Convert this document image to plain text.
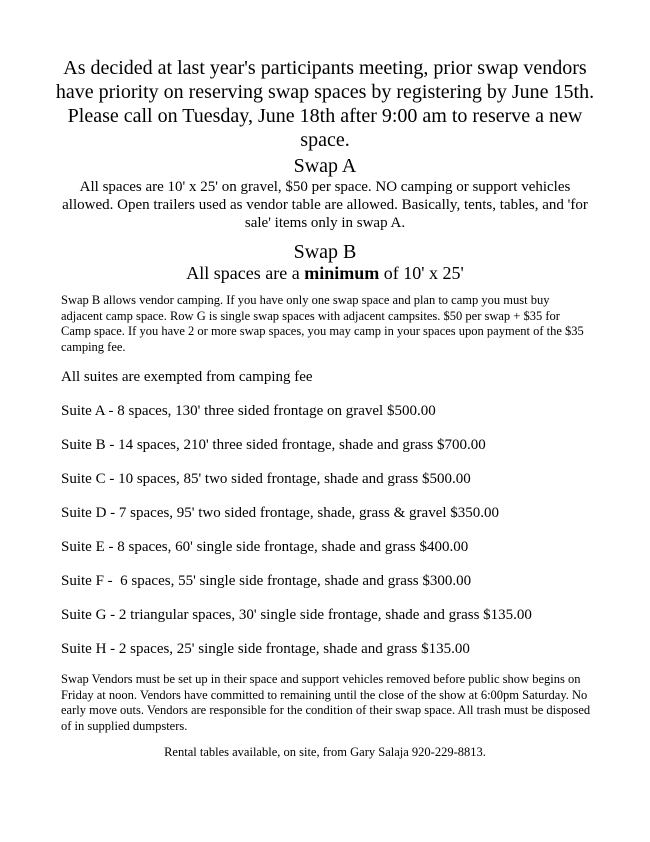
As decided at last year's participants meeting, prior swap vendors have priority on reserving swap spaces by registering by June 15th. Please call on Tuesday, June 18th after 9:00 am to reserve a new space.
Swap A
All spaces are 10' x 25' on gravel, $50 per space. NO camping or support vehicles allowed. Open trailers used as vendor table are allowed. Basically, tents, tables, and 'for sale' items only in swap A.
Swap B
All spaces are a minimum of 10' x 25'
Swap B allows vendor camping. If you have only one swap space and plan to camp you must buy adjacent camp space. Row G is single swap spaces with adjacent campsites. $50 per swap + $35 for Camp space. If you have 2 or more swap spaces, you may camp in your spaces upon payment of the $35 camping fee.
All suites are exempted from camping fee
Suite A - 8 spaces, 130' three sided frontage on gravel $500.00
Suite B - 14 spaces, 210' three sided frontage, shade and grass $700.00
Suite C - 10 spaces, 85' two sided frontage, shade and grass $500.00
Suite D - 7 spaces, 95' two sided frontage, shade, grass & gravel $350.00
Suite E - 8 spaces, 60' single side frontage, shade and grass $400.00
Suite F -  6 spaces, 55' single side frontage, shade and grass $300.00
Suite G - 2 triangular spaces, 30' single side frontage, shade and grass $135.00
Suite H - 2 spaces, 25' single side frontage, shade and grass $135.00
Swap Vendors must be set up in their space and support vehicles removed before public show begins on Friday at noon. Vendors have committed to remaining until the close of the show at 6:00pm Saturday. No early move outs. Vendors are responsible for the condition of their swap space. All trash must be disposed of in supplied dumpsters.
Rental tables available, on site, from Gary Salaja 920-229-8813.
